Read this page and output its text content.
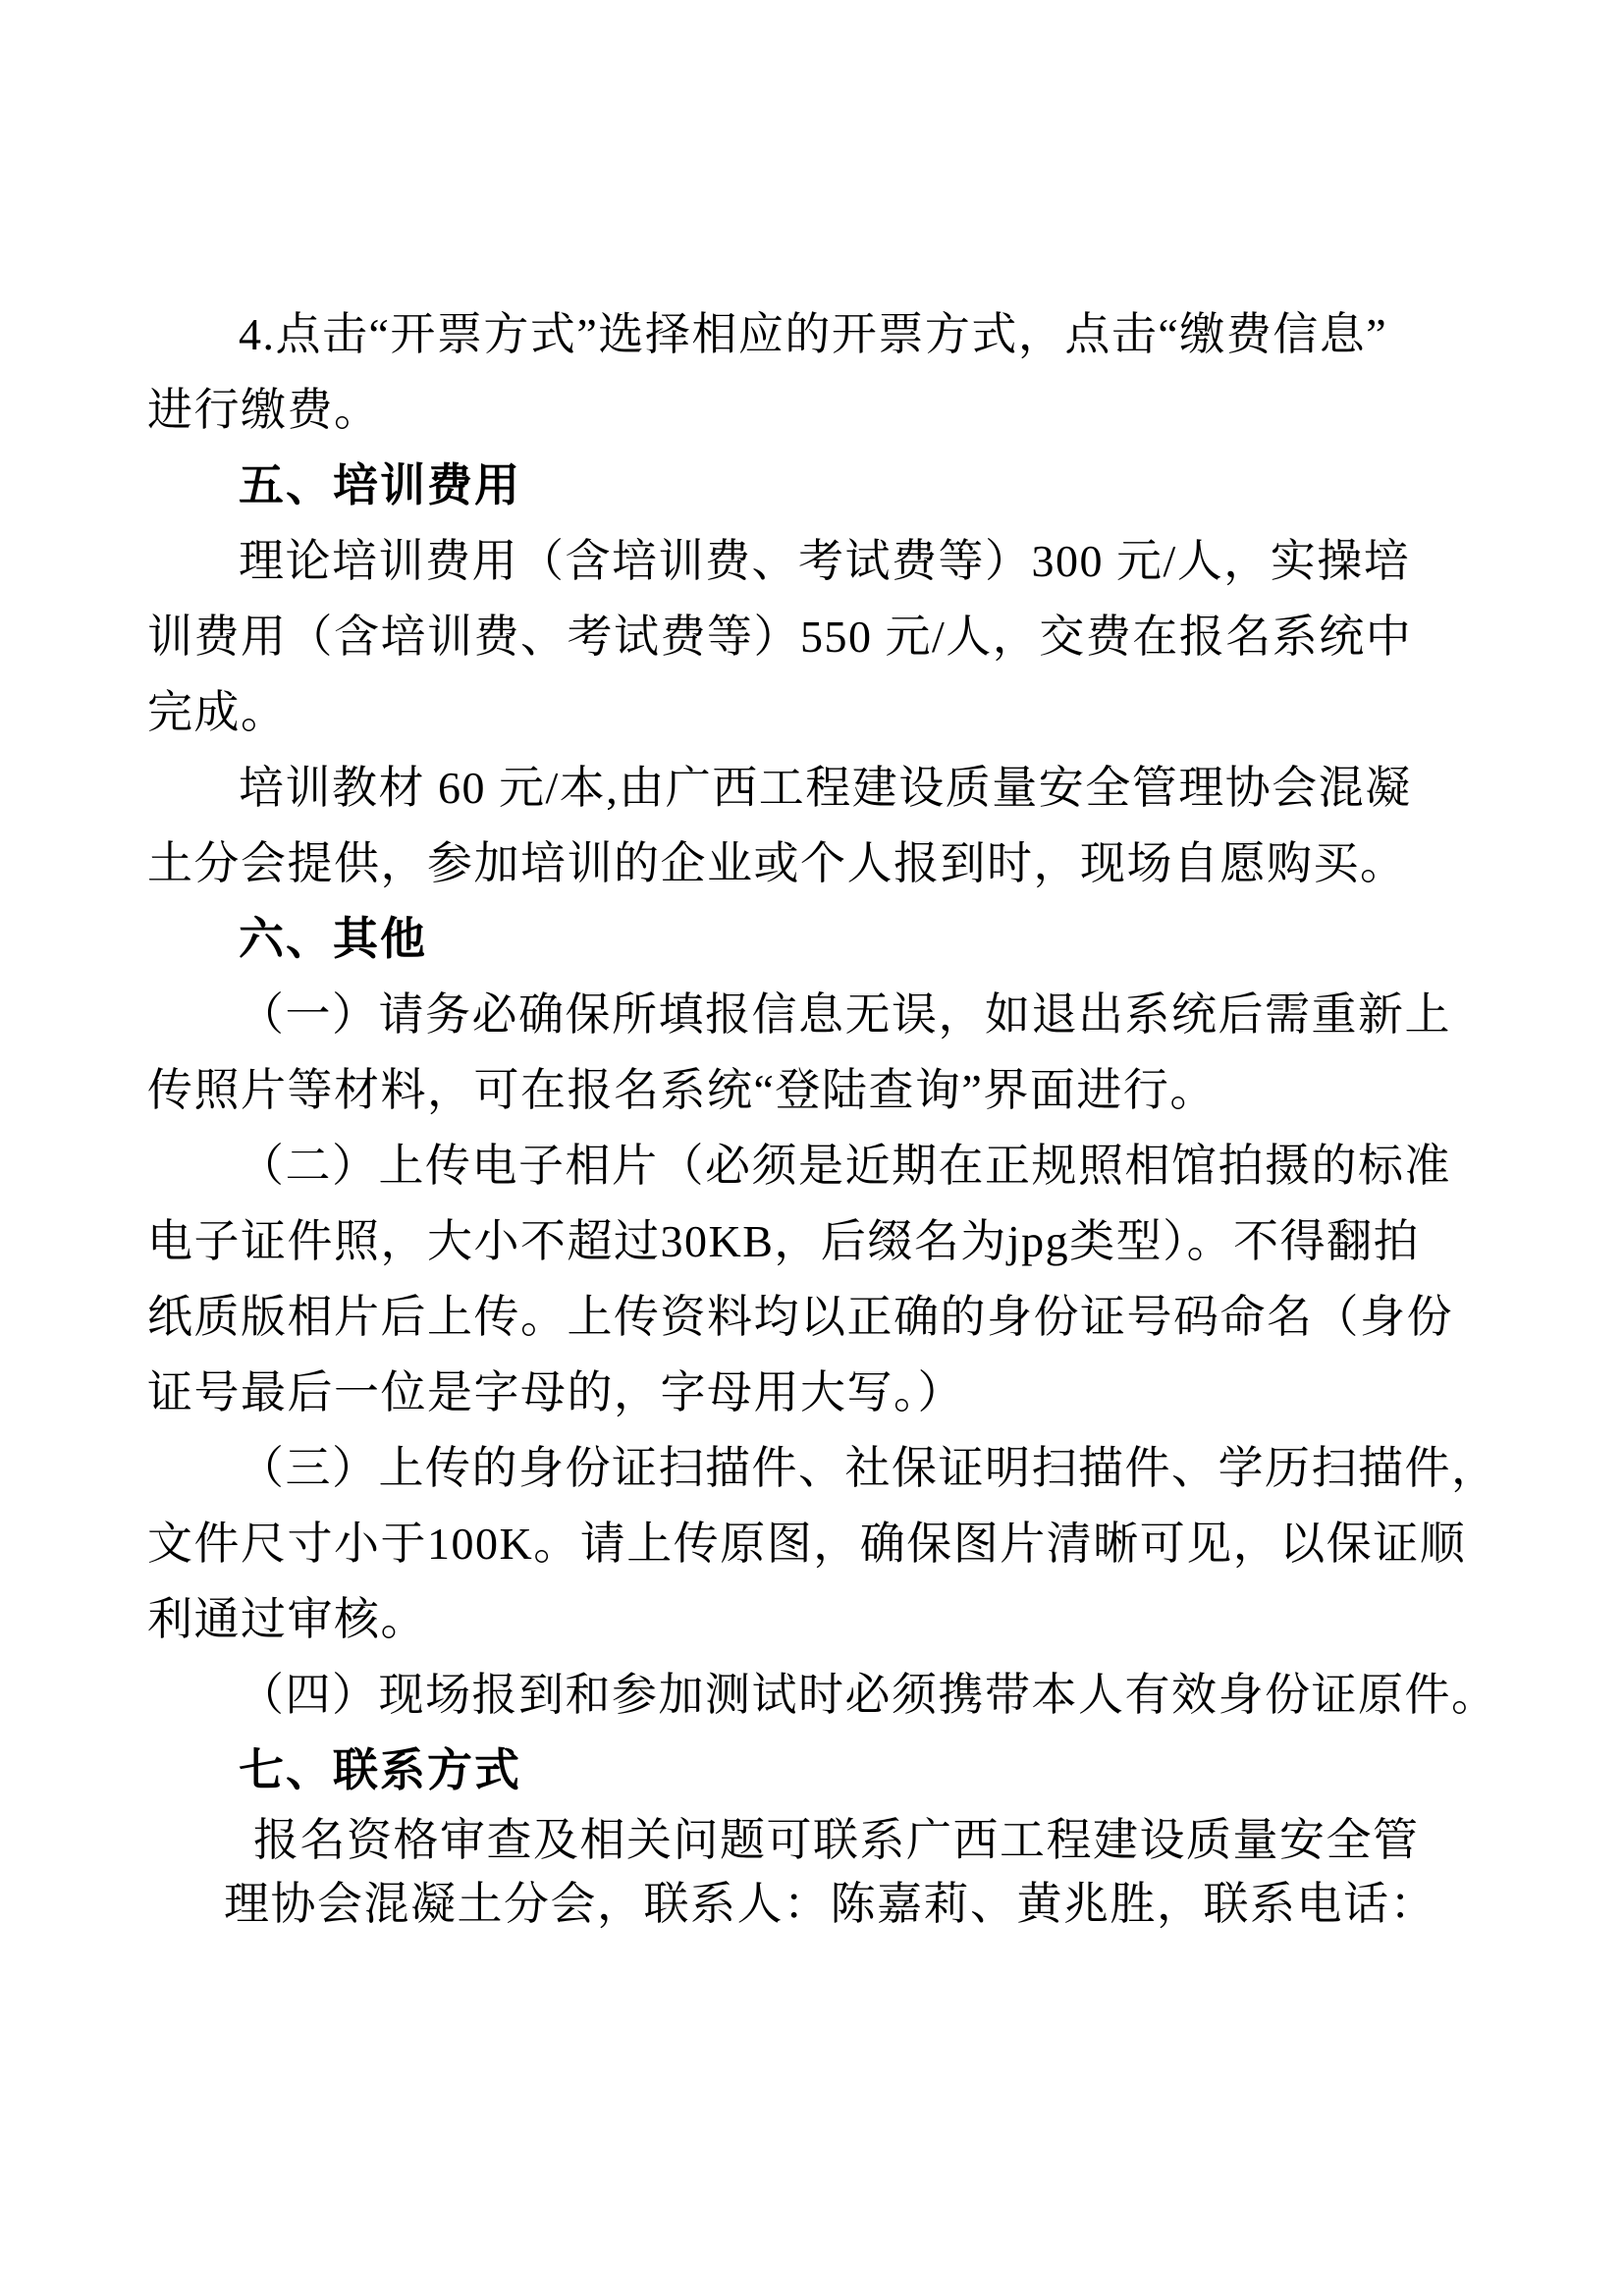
4.点击“开票方式”选择相应的开票方式，点击“缴费信息”
进行缴费。
五、培训费用
理论培训费用（含培训费、考试费等）300 元/人，实操培
训费用（含培训费、考试费等）550 元/人，交费在报名系统中
完成。
培训教材 60 元/本,由广西工程建设质量安全管理协会混凝
土分会提供，参加培训的企业或个人报到时，现场自愿购买。
六、其他
（一）请务必确保所填报信息无误，如退出系统后需重新上
传照片等材料，可在报名系统“登陆查询”界面进行。
（二）上传电子相片（必须是近期在正规照相馆拍摄的标准
电子证件照，大小不超过30KB，后缀名为jpg类型）。不得翻拍
纸质版相片后上传。上传资料均以正确的身份证号码命名（身份
证号最后一位是字母的，字母用大写。）
（三）上传的身份证扫描件、社保证明扫描件、学历扫描件，
文件尺寸小于100K。请上传原图，确保图片清晰可见，以保证顺
利通过审核。
（四）现场报到和参加测试时必须携带本人有效身份证原件。
七、联系方式
报名资格审查及相关问题可联系广西工程建设质量安全管
理协会混凝土分会，联系人：陈嘉莉、黄兆胜，联系电话：
